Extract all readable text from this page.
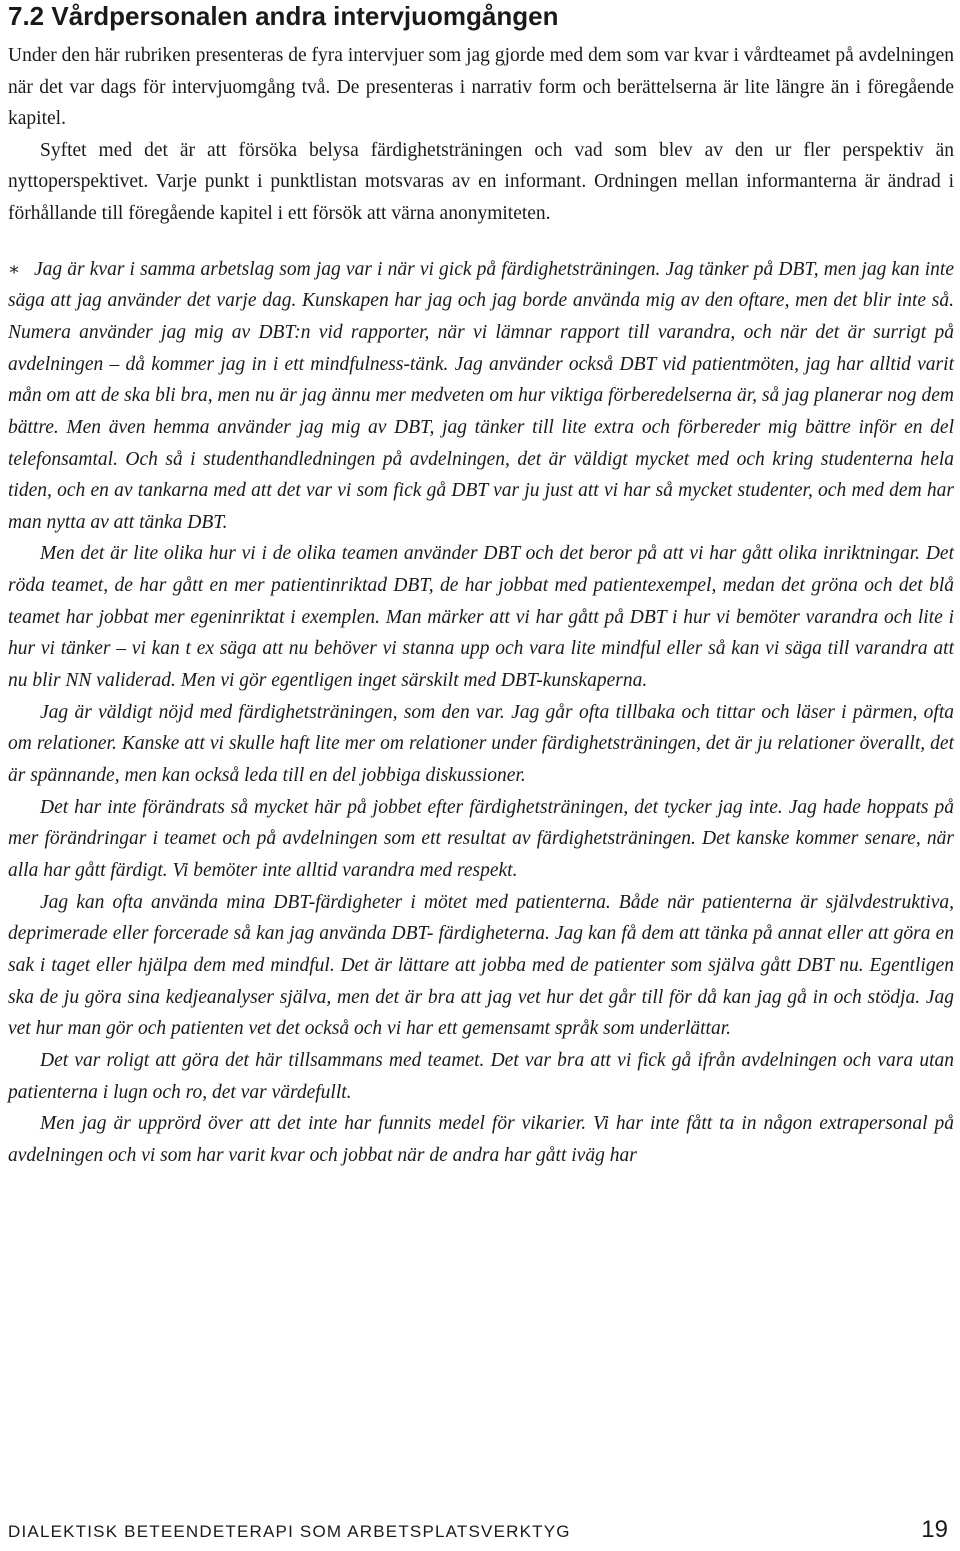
7.2 Vårdpersonalen andra intervjuomgången

Under den här rubriken presenteras de fyra intervjuer som jag gjorde med dem som var kvar i vårdteamet på avdelningen när det var dags för intervjuomgång två. De presenteras i narrativ form och berättelserna är lite längre än i föregående kapitel.

Syftet med det är att försöka belysa färdighetsträningen och vad som blev av den ur fler perspektiv än nyttoperspektivet. Varje punkt i punktlistan motsvaras av en informant. Ordningen mellan informanterna är ändrad i förhållande till föregående kapitel i ett försök att värna anonymiteten.

∗ Jag är kvar i samma arbetslag som jag var i när vi gick på färdighetsträningen. Jag tänker på DBT, men jag kan inte säga att jag använder det varje dag. Kunskapen har jag och jag borde använda mig av den oftare, men det blir inte så. Numera använder jag mig av DBT:n vid rapporter, när vi lämnar rapport till varandra, och när det är surrigt på avdelningen – då kommer jag in i ett mindfulness-tänk. Jag använder också DBT vid patientmöten, jag har alltid varit mån om att de ska bli bra, men nu är jag ännu mer medveten om hur viktiga förberedelserna är, så jag planerar nog dem bättre. Men även hemma använder jag mig av DBT, jag tänker till lite extra och förbereder mig bättre inför en del telefonsamtal. Och så i studenthandledningen på avdelningen, det är väldigt mycket med och kring studenterna hela tiden, och en av tankarna med att det var vi som fick gå DBT var ju just att vi har så mycket studenter, och med dem har man nytta av att tänka DBT.

Men det är lite olika hur vi i de olika teamen använder DBT och det beror på att vi har gått olika inriktningar. Det röda teamet, de har gått en mer patientinriktad DBT, de har jobbat med patientexempel, medan det gröna och det blå teamet har jobbat mer egeninriktat i exemplen. Man märker att vi har gått på DBT i hur vi bemöter varandra och lite i hur vi tänker – vi kan t ex säga att nu behöver vi stanna upp och vara lite mindful eller så kan vi säga till varandra att nu blir NN validerad. Men vi gör egentligen inget särskilt med DBT-kunskaperna.

Jag är väldigt nöjd med färdighetsträningen, som den var. Jag går ofta tillbaka och tittar och läser i pärmen, ofta om relationer. Kanske att vi skulle haft lite mer om relationer under färdighetsträningen, det är ju relationer överallt, det är spännande, men kan också leda till en del jobbiga diskussioner.

Det har inte förändrats så mycket här på jobbet efter färdighetsträningen, det tycker jag inte. Jag hade hoppats på mer förändringar i teamet och på avdelningen som ett resultat av färdighetsträningen. Det kanske kommer senare, när alla har gått färdigt. Vi bemöter inte alltid varandra med respekt.

Jag kan ofta använda mina DBT-färdigheter i mötet med patienterna. Både när patienterna är självdestruktiva, deprimerade eller forcerade så kan jag använda DBT- färdigheterna. Jag kan få dem att tänka på annat eller att göra en sak i taget eller hjälpa dem med mindful. Det är lättare att jobba med de patienter som själva gått DBT nu. Egentligen ska de ju göra sina kedjeanalyser själva, men det är bra att jag vet hur det går till för då kan jag gå in och stödja. Jag vet hur man gör och patienten vet det också och vi har ett gemensamt språk som underlättar.

Det var roligt att göra det här tillsammans med teamet. Det var bra att vi fick gå ifrån avdelningen och vara utan patienterna i lugn och ro, det var värdefullt.

Men jag är upprörd över att det inte har funnits medel för vikarier. Vi har inte fått ta in någon extrapersonal på avdelningen och vi som har varit kvar och jobbat när de andra har gått iväg har

DIALEKTISK BETEENDETERAPI SOM ARBETSPLATSVERKTYG	19
